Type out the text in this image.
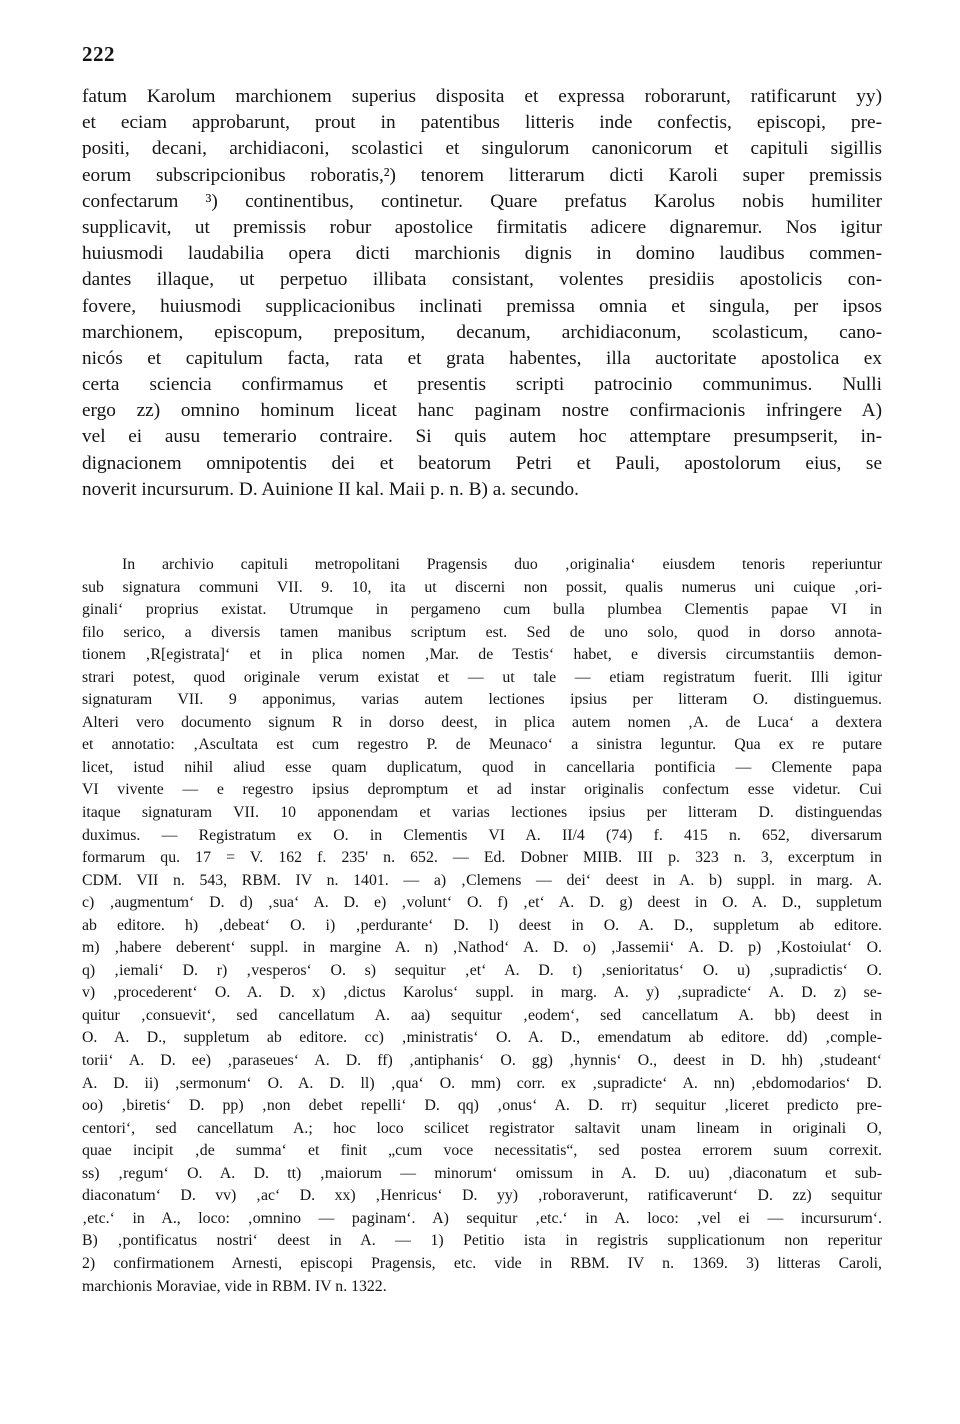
222
fatum Karolum marchionem superius disposita et expressa roborarunt, ratificarunt yy)
et eciam approbarunt, prout in patentibus litteris inde confectis, episcopi, pre-
positi, decani, archidiaconi, scolastici et singulorum canonicorum et capituli sigillis
eorum subscripcionibus roboratis,²) tenorem litterarum dicti Karoli super premissis
confectarum ³) continentibus, continetur. Quare prefatus Karolus nobis humiliter
supplicavit, ut premissis robur apostolice firmitatis adicere dignaremur. Nos igitur
huiusmodi laudabilia opera dicti marchionis dignis in domino laudibus commen-
dantes illaque, ut perpetuo illibata consistant, volentes presidiis apostolicis con-
fovere, huiusmodi supplicacionibus inclinati premissa omnia et singula, per ipsos
marchionem, episcopum, prepositum, decanum, archidiaconum, scolasticum, cano-
nicós et capitulum facta, rata et grata habentes, illa auctoritate apostolica ex
certa sciencia confirmamus et presentis scripti patrocinio communimus. Nulli
ergo zz) omnino hominum liceat hanc paginam nostre confirmacionis infringere A)
vel ei ausu temerario contraire. Si quis autem hoc attemptare presumpserit, in-
dignacionem omnipotentis dei et beatorum Petri et Pauli, apostolorum eius, se
noverit incursurum. D. Auinione II kal. Maii p. n. B) a. secundo.
In archivio capituli metropolitani Pragensis duo ‚originalia‘ eiusdem tenoris reperiuntur
sub signatura communi VII. 9. 10, ita ut discerni non possit, qualis numerus uni cuique ‚ori-
ginali‘ proprius existat. Utrumque in pergameno cum bulla plumbea Clementis papae VI in
filo serico, a diversis tamen manibus scriptum est. Sed de uno solo, quod in dorso annota-
tionem ‚R[egistrata]‘ et in plica nomen ‚Mar. de Testis‘ habet, e diversis circumstantiis demon-
strari potest, quod originale verum existat et — ut tale — etiam registratum fuerit. Illi igitur
signaturam VII. 9 apponimus, varias autem lectiones ipsius per litteram O. distinguemus.
Alteri vero documento signum R in dorso deest, in plica autem nomen ‚A. de Luca‘ a dextera
et annotatio: ‚Ascultata est cum regestro P. de Meunaco‘ a sinistra leguntur. Qua ex re putare
licet, istud nihil aliud esse quam duplicatum, quod in cancellaria pontificia — Clemente papa
VI vivente — e regestro ipsius depromptum et ad instar originalis confectum esse videtur. Cui
itaque signaturam VII. 10 apponendam et varias lectiones ipsius per litteram D. distinguendas
duximus. — Registratum ex O. in Clementis VI A. II/4 (74) f. 415 n. 652, diversarum
formarum qu. 17 = V. 162 f. 235' n. 652. — Ed. Dobner MIIB. III p. 323 n. 3, excerptum in
CDM. VII n. 543, RBM. IV n. 1401. — a) ‚Clemens — dei‘ deest in A. b) suppl. in marg. A.
c) ‚augmentum‘ D. d) ‚sua‘ A. D. e) ‚volunt‘ O. f) ‚et‘ A. D. g) deest in O. A. D., suppletum
ab editore. h) ‚debeat‘ O. i) ‚perdurante‘ D. l) deest in O. A. D., suppletum ab editore.
m) ‚habere deberent‘ suppl. in margine A. n) ‚Nathod‘ A. D. o) ‚Jassemii‘ A. D. p) ‚Kostoiulat‘ O.
q) ‚iemali‘ D. r) ‚vesperos‘ O. s) sequitur ‚et‘ A. D. t) ‚senioritatus‘ O. u) ‚supradictis‘ O.
v) ‚procederent‘ O. A. D. x) ‚dictus Karolus‘ suppl. in marg. A. y) ‚supradicte‘ A. D. z) se-
quitur ‚consuevit‘, sed cancellatum A. aa) sequitur ‚eodem‘, sed cancellatum A. bb) deest in
O. A. D., suppletum ab editore. cc) ‚ministratis‘ O. A. D., emendatum ab editore. dd) ‚comple-
torii‘ A. D. ee) ‚paraseues‘ A. D. ff) ‚antiphanis‘ O. gg) ‚hynnis‘ O., deest in D. hh) ‚studeant‘
A. D. ii) ‚sermonum‘ O. A. D. ll) ‚qua‘ O. mm) corr. ex ‚supradicte‘ A. nn) ‚ebdomodarios‘ D.
oo) ‚biretis‘ D. pp) ‚non debet repelli‘ D. qq) ‚onus‘ A. D. rr) sequitur ‚liceret predicto pre-
centori‘, sed cancellatum A.; hoc loco scilicet registrator saltavit unam lineam in originali O,
quae incipit ‚de summa‘ et finit „cum voce necessitatis“, sed postea errorem suum correxit.
ss) ‚regum‘ O. A. D. tt) ‚maiorum — minorum‘ omissum in A. D. uu) ‚diaconatum et sub-
diaconatum‘ D. vv) ‚ac‘ D. xx) ‚Henricus‘ D. yy) ‚roboraverunt, ratificaverunt‘ D. zz) sequitur
‚etc.‘ in A., loco: ‚omnino — paginam‘. A) sequitur ‚etc.‘ in A. loco: ‚vel ei — incursurum‘.
B) ‚pontificatus nostri‘ deest in A. — 1) Petitio ista in registris supplicationum non reperitur
2) confirmationem Arnesti, episcopi Pragensis, etc. vide in RBM. IV n. 1369. 3) litteras Caroli,
marchionis Moraviae, vide in RBM. IV n. 1322.
